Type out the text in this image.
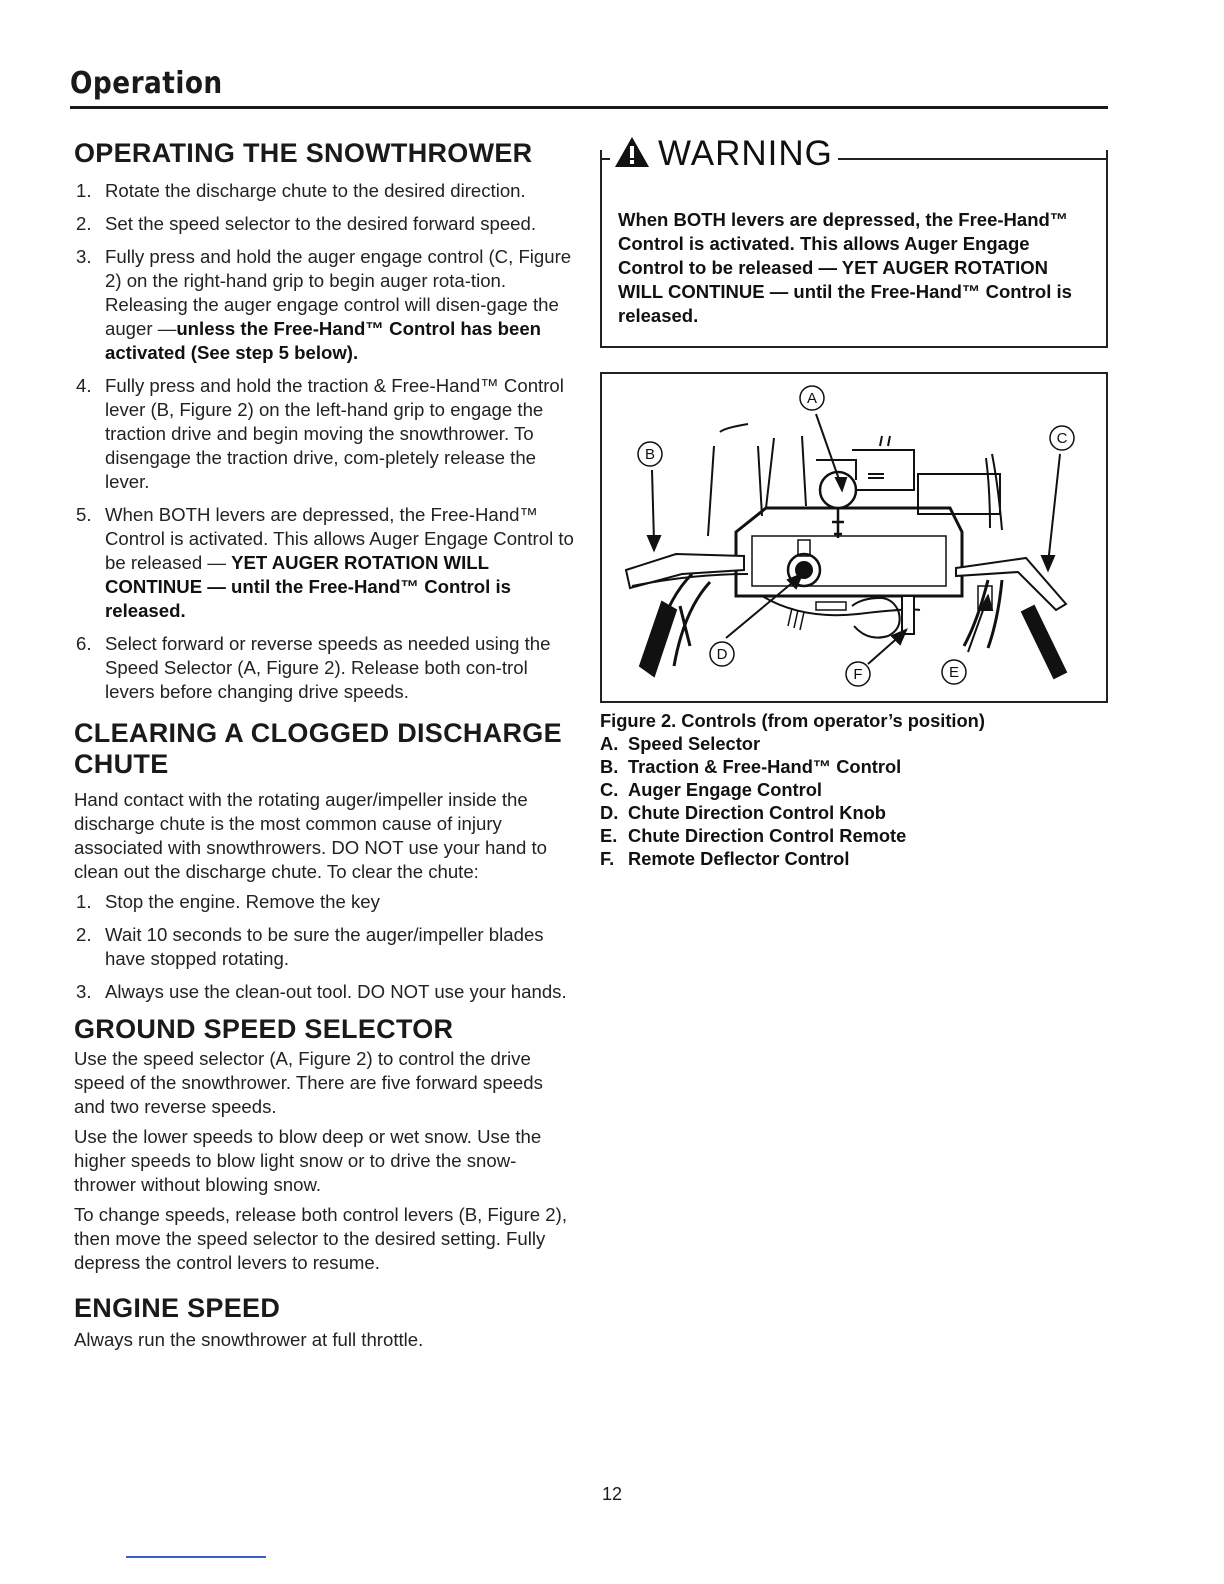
Operation
OPERATING THE SNOWTHROWER
1. Rotate the discharge chute to the desired direction.
2. Set the speed selector to the desired forward speed.
3. Fully press and hold the auger engage control (C, Figure 2) on the right-hand grip to begin auger rota-tion. Releasing the auger engage control will disen-gage the auger —unless the Free-Hand™ Control has been activated (See step 5 below).
4. Fully press and hold the traction & Free-Hand™ Control lever (B, Figure 2) on the left-hand grip to engage the traction drive and begin moving the snowthrower. To disengage the traction drive, com-pletely release the lever.
5. When BOTH levers are depressed, the Free-Hand™ Control is activated. This allows Auger Engage Control to be released — YET AUGER ROTATION WILL CONTINUE — until the Free-Hand™ Control is released.
6. Select forward or reverse speeds as needed using the Speed Selector (A, Figure 2). Release both con-trol levers before changing drive speeds.
CLEARING A CLOGGED DISCHARGE
CHUTE

Hand contact with the rotating auger/impeller inside the discharge chute is the most common cause of injury associated with snowthrowers. DO NOT use your hand to clean out the discharge chute. To clear the chute:

1. Stop the engine. Remove the key
2. Wait 10 seconds to be sure the auger/impeller blades have stopped rotating.
3. Always use the clean-out tool. DO NOT use your hands.
GROUND SPEED SELECTOR

Use the speed selector (A, Figure 2) to control the drive speed of the snowthrower. There are five forward speeds and two reverse speeds.

Use the lower speeds to blow deep or wet snow. Use the higher speeds to blow light snow or to drive the snow-thrower without blowing snow.

To change speeds, release both control levers (B, Figure 2), then move the speed selector to the desired setting. Fully depress the control levers to resume.

ENGINE SPEED

Always run the snowthrower at full throttle.

WARNING
When BOTH levers are depressed, the Free-Hand™ Control is activated. This allows Auger Engage Control to be released — YET AUGER ROTATION WILL CONTINUE — until the Free-Hand™ Control is released.
A
B
C
D
E
F
Figure 2. Controls (from operator’s position)
A. Speed Selector
B. Traction & Free-Hand™ Control
C. Auger Engage Control
D. Chute Direction Control Knob
E. Chute Direction Control Remote
F. Remote Deflector Control
12
